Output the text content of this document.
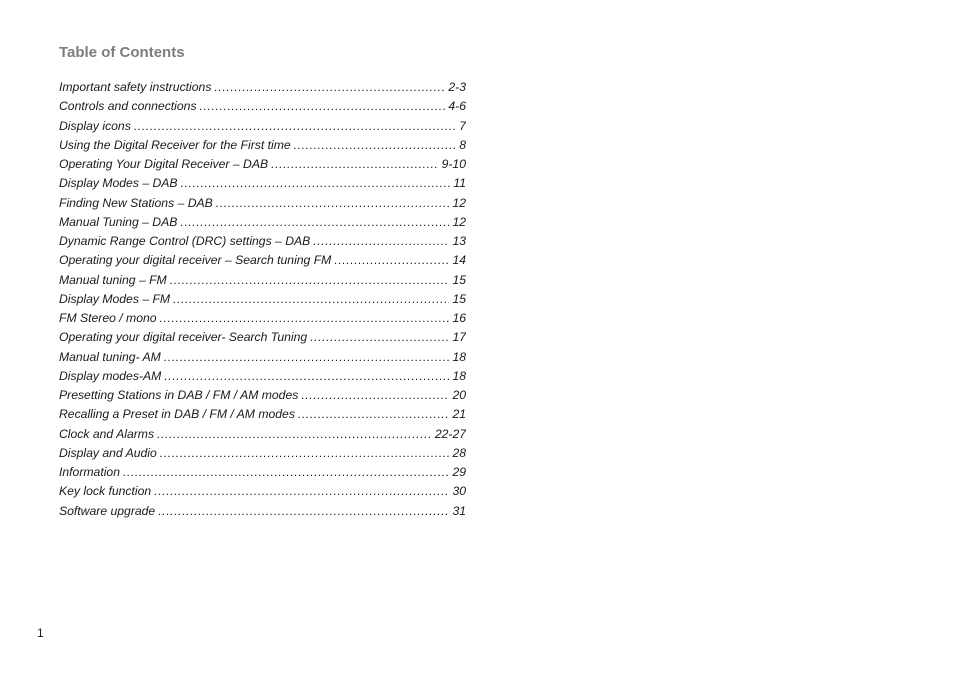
Table of Contents
Important safety instructions .....	2-3
Controls and connections .....	4-6
Display icons .....	7
Using the Digital Receiver for the First time .....	8
Operating Your Digital Receiver – DAB .....	9-10
Display Modes – DAB .....	11
Finding New Stations – DAB .....	12
Manual Tuning – DAB .....	12
Dynamic Range Control (DRC) settings – DAB .....	13
Operating your digital receiver – Search tuning FM .....	14
Manual tuning – FM .....	15
Display Modes – FM .....	15
FM Stereo / mono .....	16
Operating your digital receiver- Search Tuning .....	17
Manual tuning- AM .....	18
Display modes-AM .....	18
Presetting Stations in DAB / FM / AM modes .....	20
Recalling a Preset in DAB / FM / AM modes .....	21
Clock and Alarms .....	22-27
Display and Audio .....	28
Information .....	29
Key lock function .....	30
Software upgrade .....	31
1
